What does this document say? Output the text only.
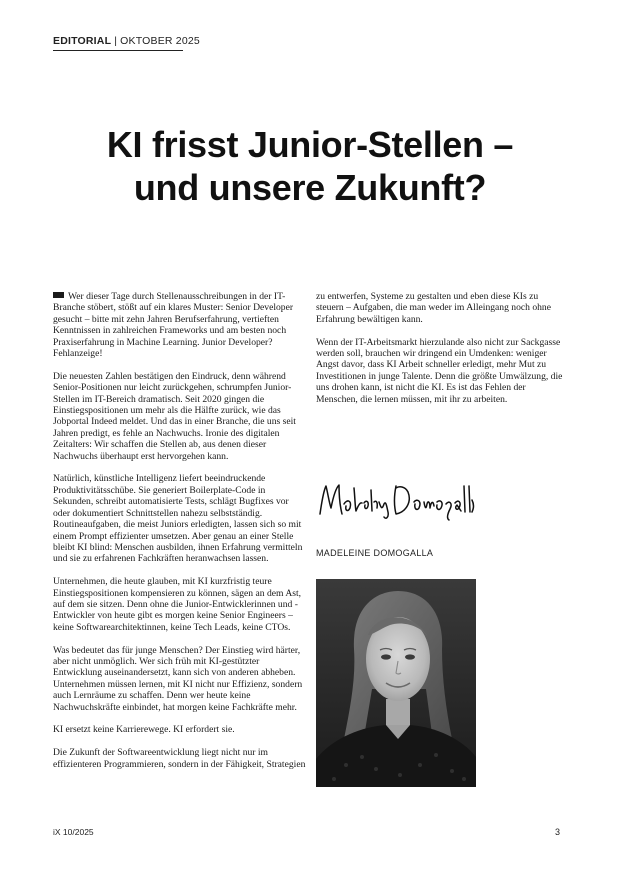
EDITORIAL | OKTOBER 2025
KI frisst Junior-Stellen –
und unsere Zukunft?

Wer dieser Tage durch Stellenausschreibungen in der IT-Branche stöbert, stößt auf ein klares Muster: Senior Developer gesucht – bitte mit zehn Jahren Berufserfahrung, vertieften Kenntnissen in zahlreichen Frameworks und am besten noch Praxiserfahrung in Machine Learning. Junior Developer? Fehlanzeige!

Die neuesten Zahlen bestätigen den Eindruck, denn während Senior-Positionen nur leicht zurückgehen, schrumpfen Junior-Stellen im IT-Bereich dramatisch. Seit 2020 gingen die Einstiegspositionen um mehr als die Hälfte zurück, wie das Jobportal Indeed meldet. Und das in einer Branche, die uns seit Jahren predigt, es fehle an Nachwuchs. Ironie des digitalen Zeitalters: Wir schaffen die Stellen ab, aus denen dieser Nachwuchs überhaupt erst hervorgehen kann.

Natürlich, künstliche Intelligenz liefert beeindruckende Produktivitätsschübe. Sie generiert Boilerplate-Code in Sekunden, schreibt automatisierte Tests, schlägt Bugfixes vor oder dokumentiert Schnittstellen nahezu selbstständig. Routineaufgaben, die meist Juniors erledigten, lassen sich so mit einem Prompt effizienter umsetzen. Aber genau an einer Stelle bleibt KI blind: Menschen ausbilden, ihnen Erfahrung vermitteln und sie zu erfahrenen Fachkräften heranwachsen lassen.

Unternehmen, die heute glauben, mit KI kurzfristig teure Einstiegspositionen kompensieren zu können, sägen an dem Ast, auf dem sie sitzen. Denn ohne die Junior-Entwicklerinnen und -Entwickler von heute gibt es morgen keine Senior Engineers – keine Softwarearchitektinnen, keine Tech Leads, keine CTOs.

Was bedeutet das für junge Menschen? Der Einstieg wird härter, aber nicht unmöglich. Wer sich früh mit KI-gestützter Entwicklung auseinandersetzt, kann sich von anderen abheben. Unternehmen müssen lernen, mit KI nicht nur Effizienz, sondern auch Lernräume zu schaffen. Denn wer heute keine Nachwuchskräfte einbindet, hat morgen keine Fachkräfte mehr.

KI ersetzt keine Karrierewege. KI erfordert sie.

Die Zukunft der Softwareentwicklung liegt nicht nur im effizienteren Programmieren, sondern in der Fähigkeit, Strategien

zu entwerfen, Systeme zu gestalten und eben diese KIs zu steuern – Aufgaben, die man weder im Alleingang noch ohne Erfahrung bewältigen kann.

Wenn der IT-Arbeitsmarkt hierzulande also nicht zur Sackgasse werden soll, brauchen wir dringend ein Umdenken: weniger Angst davor, dass KI Arbeit schneller erledigt, mehr Mut zu Investitionen in junge Talente. Denn die größte Umwälzung, die uns drohen kann, ist nicht die KI. Es ist das Fehlen der Menschen, die lernen müssen, mit ihr zu arbeiten.

MADELEINE DOMOGALLA
iX 10/2025	3
